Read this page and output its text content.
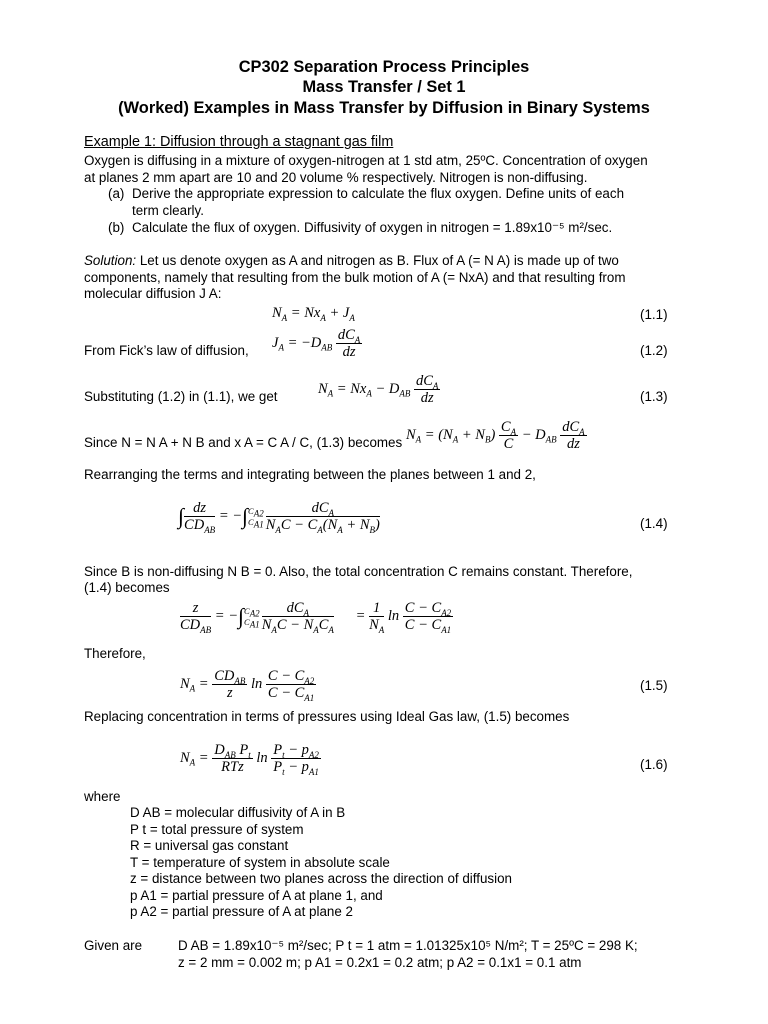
CP302 Separation Process Principles
Mass Transfer / Set 1
(Worked) Examples in Mass Transfer by Diffusion in Binary Systems
Example 1: Diffusion through a stagnant gas film
Oxygen is diffusing in a mixture of oxygen-nitrogen at 1 std atm, 25ºC. Concentration of oxygen
at planes 2 mm apart are 10 and 20 volume % respectively. Nitrogen is non-diffusing.
(a) Derive the appropriate expression to calculate the flux oxygen. Define units of each
term clearly.
(b) Calculate the flux of oxygen. Diffusivity of oxygen in nitrogen = 1.89x10⁻⁵ m²/sec.
Solution: Let us denote oxygen as A and nitrogen as B. Flux of A (= N A) is made up of two
components, namely that resulting from the bulk motion of A (= NxA) and that resulting from
molecular diffusion J A:
$N_A = Nx_A + J_A$	(1.1)
From Fick’s law of diffusion, $J_A = -D_{AB} \frac{dC_A}{dz}$	(1.2)
Substituting (1.2) in (1.1), we get	$N_A = Nx_A - D_{AB} \frac{dC_A}{dz}$	(1.3)
Since N = N A + N B and x A = C A / C, (1.3) becomes $N_A = (N_A + N_B) \frac{C_A}{C} - D_{AB} \frac{dC_A}{dz}$
Rearranging the terms and integrating between the planes between 1 and 2,
∫ $\frac{dz}{CD_{AB}}$ = −∫ $C_{A2}$
$C_{A1} \frac{dC_A}{N_AC - C_A(N_A + N_B)}$	(1.4)
Since B is non-diffusing N B = 0. Also, the total concentration C remains constant. Therefore,
(1.4) becomes
$\frac{z}{CD_{AB}}$ = −∫ $C_{A2}$
$C_{A1} \frac{dC_A}{N_AC - N_AC_A} = \frac{1}{N_A}$ $\ln \frac{C - C_{A2}}{C - C_{A1}}$
Therefore,
$N_A = \frac{CD_{AB}}{z}$ $\ln \frac{C - C_{A2}}{C - C_{A1}}$	(1.5)
Replacing concentration in terms of pressures using Ideal Gas law, (1.5) becomes
$N_A = \frac{D_{AB} P_t}{\text{RTz}}$ $\ln \frac{P_t - p_{A2}}{P_t - p_{A1}}$	(1.6)
where
D AB = molecular diffusivity of A in B
P t = total pressure of system
R = universal gas constant
T = temperature of system in absolute scale
z = distance between two planes across the direction of diffusion
p A1 = partial pressure of A at plane 1, and
p A2 = partial pressure of A at plane 2
Given are	D AB = 1.89x10⁻⁵ m²/sec; P t = 1 atm = 1.01325x10⁵ N/m²; T = 25ºC = 298 K;
z = 2 mm = 0.002 m; p A1 = 0.2x1 = 0.2 atm; p A2 = 0.1x1 = 0.1 atm
